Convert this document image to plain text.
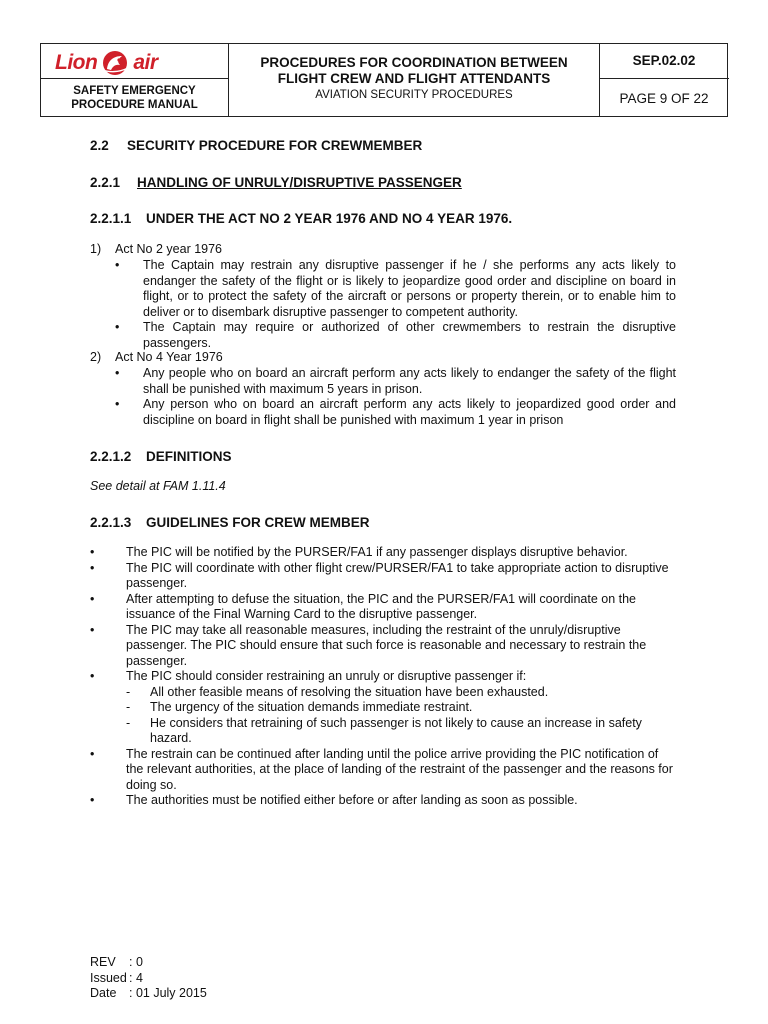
Lion air
SAFETY EMERGENCY
PROCEDURE MANUAL
PROCEDURES FOR COORDINATION BETWEEN
FLIGHT CREW AND FLIGHT ATTENDANTS
AVIATION SECURITY PROCEDURES
SEP.02.02
PAGE 9 OF 22
2.2 SECURITY PROCEDURE FOR CREWMEMBER
2.2.1 HANDLING OF UNRULY/DISRUPTIVE PASSENGER
2.2.1.1 UNDER THE ACT NO 2 YEAR 1976 AND NO 4 YEAR 1976.
1) Act No 2 year 1976
• The Captain may restrain any disruptive passenger if he / she performs any acts likely to endanger the safety of the flight or is likely to jeopardize good order and discipline on board in flight, or to protect the safety of the aircraft or persons or property therein, or to enable him to deliver or to disembark disruptive passenger to competent authority.
• The Captain may require or authorized of other crewmembers to restrain the disruptive passengers.
2) Act No 4 Year 1976
• Any people who on board an aircraft perform any acts likely to endanger the safety of the flight shall be punished with maximum 5 years in prison.
• Any person who on board an aircraft perform any acts likely to jeopardized good order and discipline on board in flight shall be punished with maximum 1 year in prison
2.2.1.2 DEFINITIONS
See detail at FAM 1.11.4
2.2.1.3 GUIDELINES FOR CREW MEMBER
•	The PIC will be notified by the PURSER/FA1 if any passenger displays disruptive behavior.
•	The PIC will coordinate with other flight crew/PURSER/FA1 to take appropriate action to disruptive passenger.
•	After attempting to defuse the situation, the PIC and the PURSER/FA1 will coordinate on the issuance of the Final Warning Card to the disruptive passenger.
•	The PIC may take all reasonable measures, including the restraint of the unruly/disruptive passenger. The PIC should ensure that such force is reasonable and necessary to restrain the passenger.
•	The PIC should consider restraining an unruly or disruptive passenger if:
- All other feasible means of resolving the situation have been exhausted.
- The urgency of the situation demands immediate restraint.
- He considers that retraining of such passenger is not likely to cause an increase in safety hazard.
•	The restrain can be continued after landing until the police arrive providing the PIC notification of the relevant authorities, at the place of landing of the restraint of the passenger and the reasons for doing so.
•	The authorities must be notified either before or after landing as soon as possible.
REV : 0
Issued : 4
Date : 01 July 2015
